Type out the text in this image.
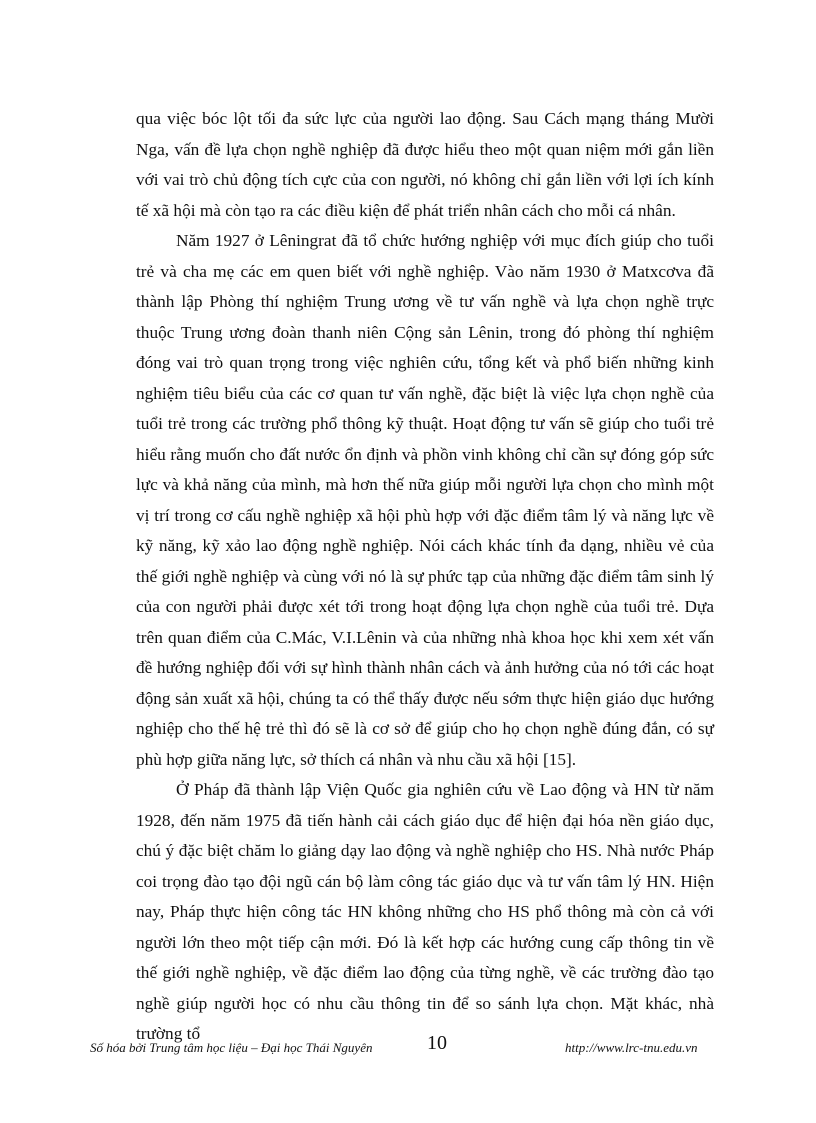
qua việc bóc lột tối đa sức lực của người lao động. Sau Cách mạng tháng Mười Nga, vấn đề lựa chọn nghề nghiệp đã được hiểu theo một quan niệm mới gắn liền với vai trò chủ động tích cực của con người, nó không chỉ gắn liền với lợi ích kính tế xã hội mà còn tạo ra các điều kiện để phát triển nhân cách cho mỗi cá nhân.

Năm 1927 ở Lêningrat đã tổ chức hướng nghiệp với mục đích giúp cho tuổi trẻ và cha mẹ các em quen biết với nghề nghiệp. Vào năm 1930 ở Matxcơva đã thành lập Phòng thí nghiệm Trung ương về tư vấn nghề và lựa chọn nghề trực thuộc Trung ương đoàn thanh niên Cộng sản Lênin, trong đó phòng thí nghiệm đóng vai trò quan trọng trong việc nghiên cứu, tổng kết và phổ biến những kinh nghiệm tiêu biểu của các cơ quan tư vấn nghề, đặc biệt là việc lựa chọn nghề của tuổi trẻ trong các trường phổ thông kỹ thuật. Hoạt động tư vấn sẽ giúp cho tuổi trẻ hiểu rằng muốn cho đất nước ổn định và phồn vinh không chỉ cần sự đóng góp sức lực và khả năng của mình, mà hơn thế nữa giúp mỗi người lựa chọn cho mình một vị trí trong cơ cấu nghề nghiệp xã hội phù hợp với đặc điểm tâm lý và năng lực về kỹ năng, kỹ xảo lao động nghề nghiệp. Nói cách khác tính đa dạng, nhiều vẻ của thế giới nghề nghiệp và cùng với nó là sự phức tạp của những đặc điểm tâm sinh lý của con người phải được xét tới trong hoạt động lựa chọn nghề của tuổi trẻ. Dựa trên quan điểm của C.Mác, V.I.Lênin và của những nhà khoa học khi xem xét vấn đề hướng nghiệp đối với sự hình thành nhân cách và ảnh hưởng của nó tới các hoạt động sản xuất xã hội, chúng ta có thể thấy được nếu sớm thực hiện giáo dục hướng nghiệp cho thế hệ trẻ thì đó sẽ là cơ sở để giúp cho họ chọn nghề đúng đắn, có sự phù hợp giữa năng lực, sở thích cá nhân và nhu cầu xã hội [15].

Ở Pháp đã thành lập Viện Quốc gia nghiên cứu về Lao động và HN từ năm 1928, đến năm 1975 đã tiến hành cải cách giáo dục để hiện đại hóa nền giáo dục, chú ý đặc biệt chăm lo giảng dạy lao động và nghề nghiệp cho HS. Nhà nước Pháp coi trọng đào tạo đội ngũ cán bộ làm công tác giáo dục và tư vấn tâm lý HN. Hiện nay, Pháp thực hiện công tác HN không những cho HS phổ thông mà còn cả với người lớn theo một tiếp cận mới. Đó là kết hợp các hướng cung cấp thông tin về thế giới nghề nghiệp, về đặc điểm lao động của từng nghề, về các trường đào tạo nghề giúp người học có nhu cầu thông tin để so sánh lựa chọn. Mặt khác, nhà trường tổ

Số hóa bởi Trung tâm học liệu – Đại học Thái Nguyên	10	http://www.lrc-tnu.edu.vn
